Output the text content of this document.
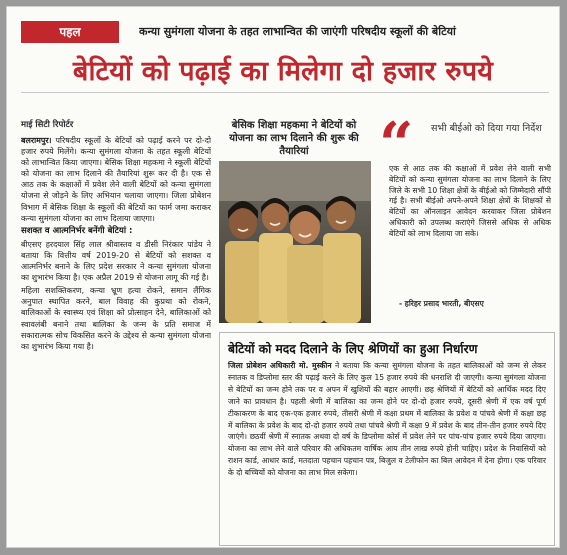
पहल	कन्या सुमंगला योजना के तहत लाभान्वित की जाएंगी परिषदीय स्कूलों की बेटियां
बेटियों को पढ़ाई का मिलेगा दो हजार रुपये
माई सिटी रिपोर्टर

बलरामपुर। परिषदीय स्कूलों के बेटियों को पढ़ाई करने पर दो-दो हजार रुपये मिलेंगे। कन्या सुमंगला योजना के तहत स्कूली बेटियों को लाभान्वित किया जाएगा। बेसिक शिक्षा महकमा ने स्कूली बेटियों को योजना का लाभ दिलाने की तैयारियां शुरू कर दी है। एक से आठ तक के कक्षाओं में प्रवेश लेने वाली बेटियों को कन्या सुमंगला योजना से जोड़ने के लिए अभियान चलाया जाएगा। जिला प्रोबेशन विभाग में बेसिक शिक्षा के स्कूलों की बेटियों का फार्म जमा कराकर कन्या सुमंगला योजना का लाभ दिलाया जाएगा।

सशक्त व आत्मनिर्भर बनेंगी बेटियां :

बीएसए हरदयाल सिंह लाल श्रीवास्तव व डीसी निरंकार पांडेय ने बताया कि वित्तीय वर्ष 2019-20 से बेटियों को सशक्त व आत्मनिर्भर बनाने के लिए प्रदेश सरकार ने कन्या सुमंगला योजना का शुभारंभ किया है। एक अप्रैल 2019 से योजना लागू की गई है।

महिला सशक्तिकरण, कन्या भ्रूण हत्या रोकने, समान लैंगिक अनुपात स्थापित करने, बाल विवाह की कुप्रथा को रोकने, बालिकाओं के स्वास्थ्य एवं शिक्षा को प्रोत्साहन देने, बालिकाओं को स्वावलंबी बनाने तथा बालिका के जन्म के प्रति समाज में सकारात्मक सोच विकसित करने के उद्देश्य से कन्या सुमंगला योजना का शुभारंभ किया गया है।

बेसिक शिक्षा महकमा ने बेटियों को योजना का लाभ दिलाने की शुरू की तैयारियां	“ सभी बीईओ को दिया गया निर्देश
एक से आठ तक की कक्षाओं में प्रवेश लेने वाली सभी बेटियों को कन्या सुमंगला योजना का लाभ दिलाने के लिए जिले के सभी 10 शिक्षा क्षेत्रों के बीईओ को जिम्मेदारी सौंपी गई है। सभी बीईओ अपने-अपने शिक्षा क्षेत्रों के शिक्षकों से बेटियों का ऑनलाइन आवेदन करवाकर जिला प्रोबेशन अधिकारी को उपलब्ध कराएंगे जिससे अधिक से अधिक बेटियों को लाभ दिलाया जा सके।
- हरिहर प्रसाद भारती, बीएसए
बेटियों को मदद दिलाने के लिए श्रेणियों का हुआ निर्धारण
जिला प्रोबेशन अधिकारी मो. मुस्कीन ने बताया कि कन्या सुमंगला योजना के तहत बालिकाओं को जन्म से लेकर स्नातक व डिप्लोमा स्तर की पढ़ाई करने के लिए कुल 15 हजार रुपये की धनराशि दी जाएगी। कन्या सुमंगला योजना से बेटियों का जन्म होने तक पर व अपन में खुशियों की बहार आएगी। छह श्रेणियों में बेटियों को आर्थिक मदद दिए जाने का प्रावधान है। पहली श्रेणी में बालिका का जन्म होने पर दो-दो हजार रुपये, दूसरी श्रेणी में एक वर्ष पूर्ण टीकाकरण के बाद एक-एक हजार रुपये, तीसरी श्रेणी में कक्षा प्रथम में बालिका के प्रवेश व पांचवे श्रेणी में कक्षा छह में बालिका के प्रवेश के बाद दो-दो हजार रुपये तथा पांचवे श्रेणी में कक्षा 9 में प्रवेश के बाद तीन-तीन हजार रुपये दिए जाएंगे। छठवीं श्रेणी में स्नातक अथवा दो वर्ष के डिप्लोमा कोर्स में प्रवेश लेने पर पांच-पांच हजार रुपये दिया जाएगा। योजना का लाभ लेने वाले परिवार की अधिकतम वार्षिक आय तीन लाख रुपये होनी चाहिए। प्रदेश के निवासियों को राशन कार्ड, आधार कार्ड, मतदाता पहचान पहचान पत्र, बिजुल व टेलीफोन का बिल आवेदन में देना होगा। एक परिवार के दो बच्चियों को योजना का लाभ मिल सकेगा।
